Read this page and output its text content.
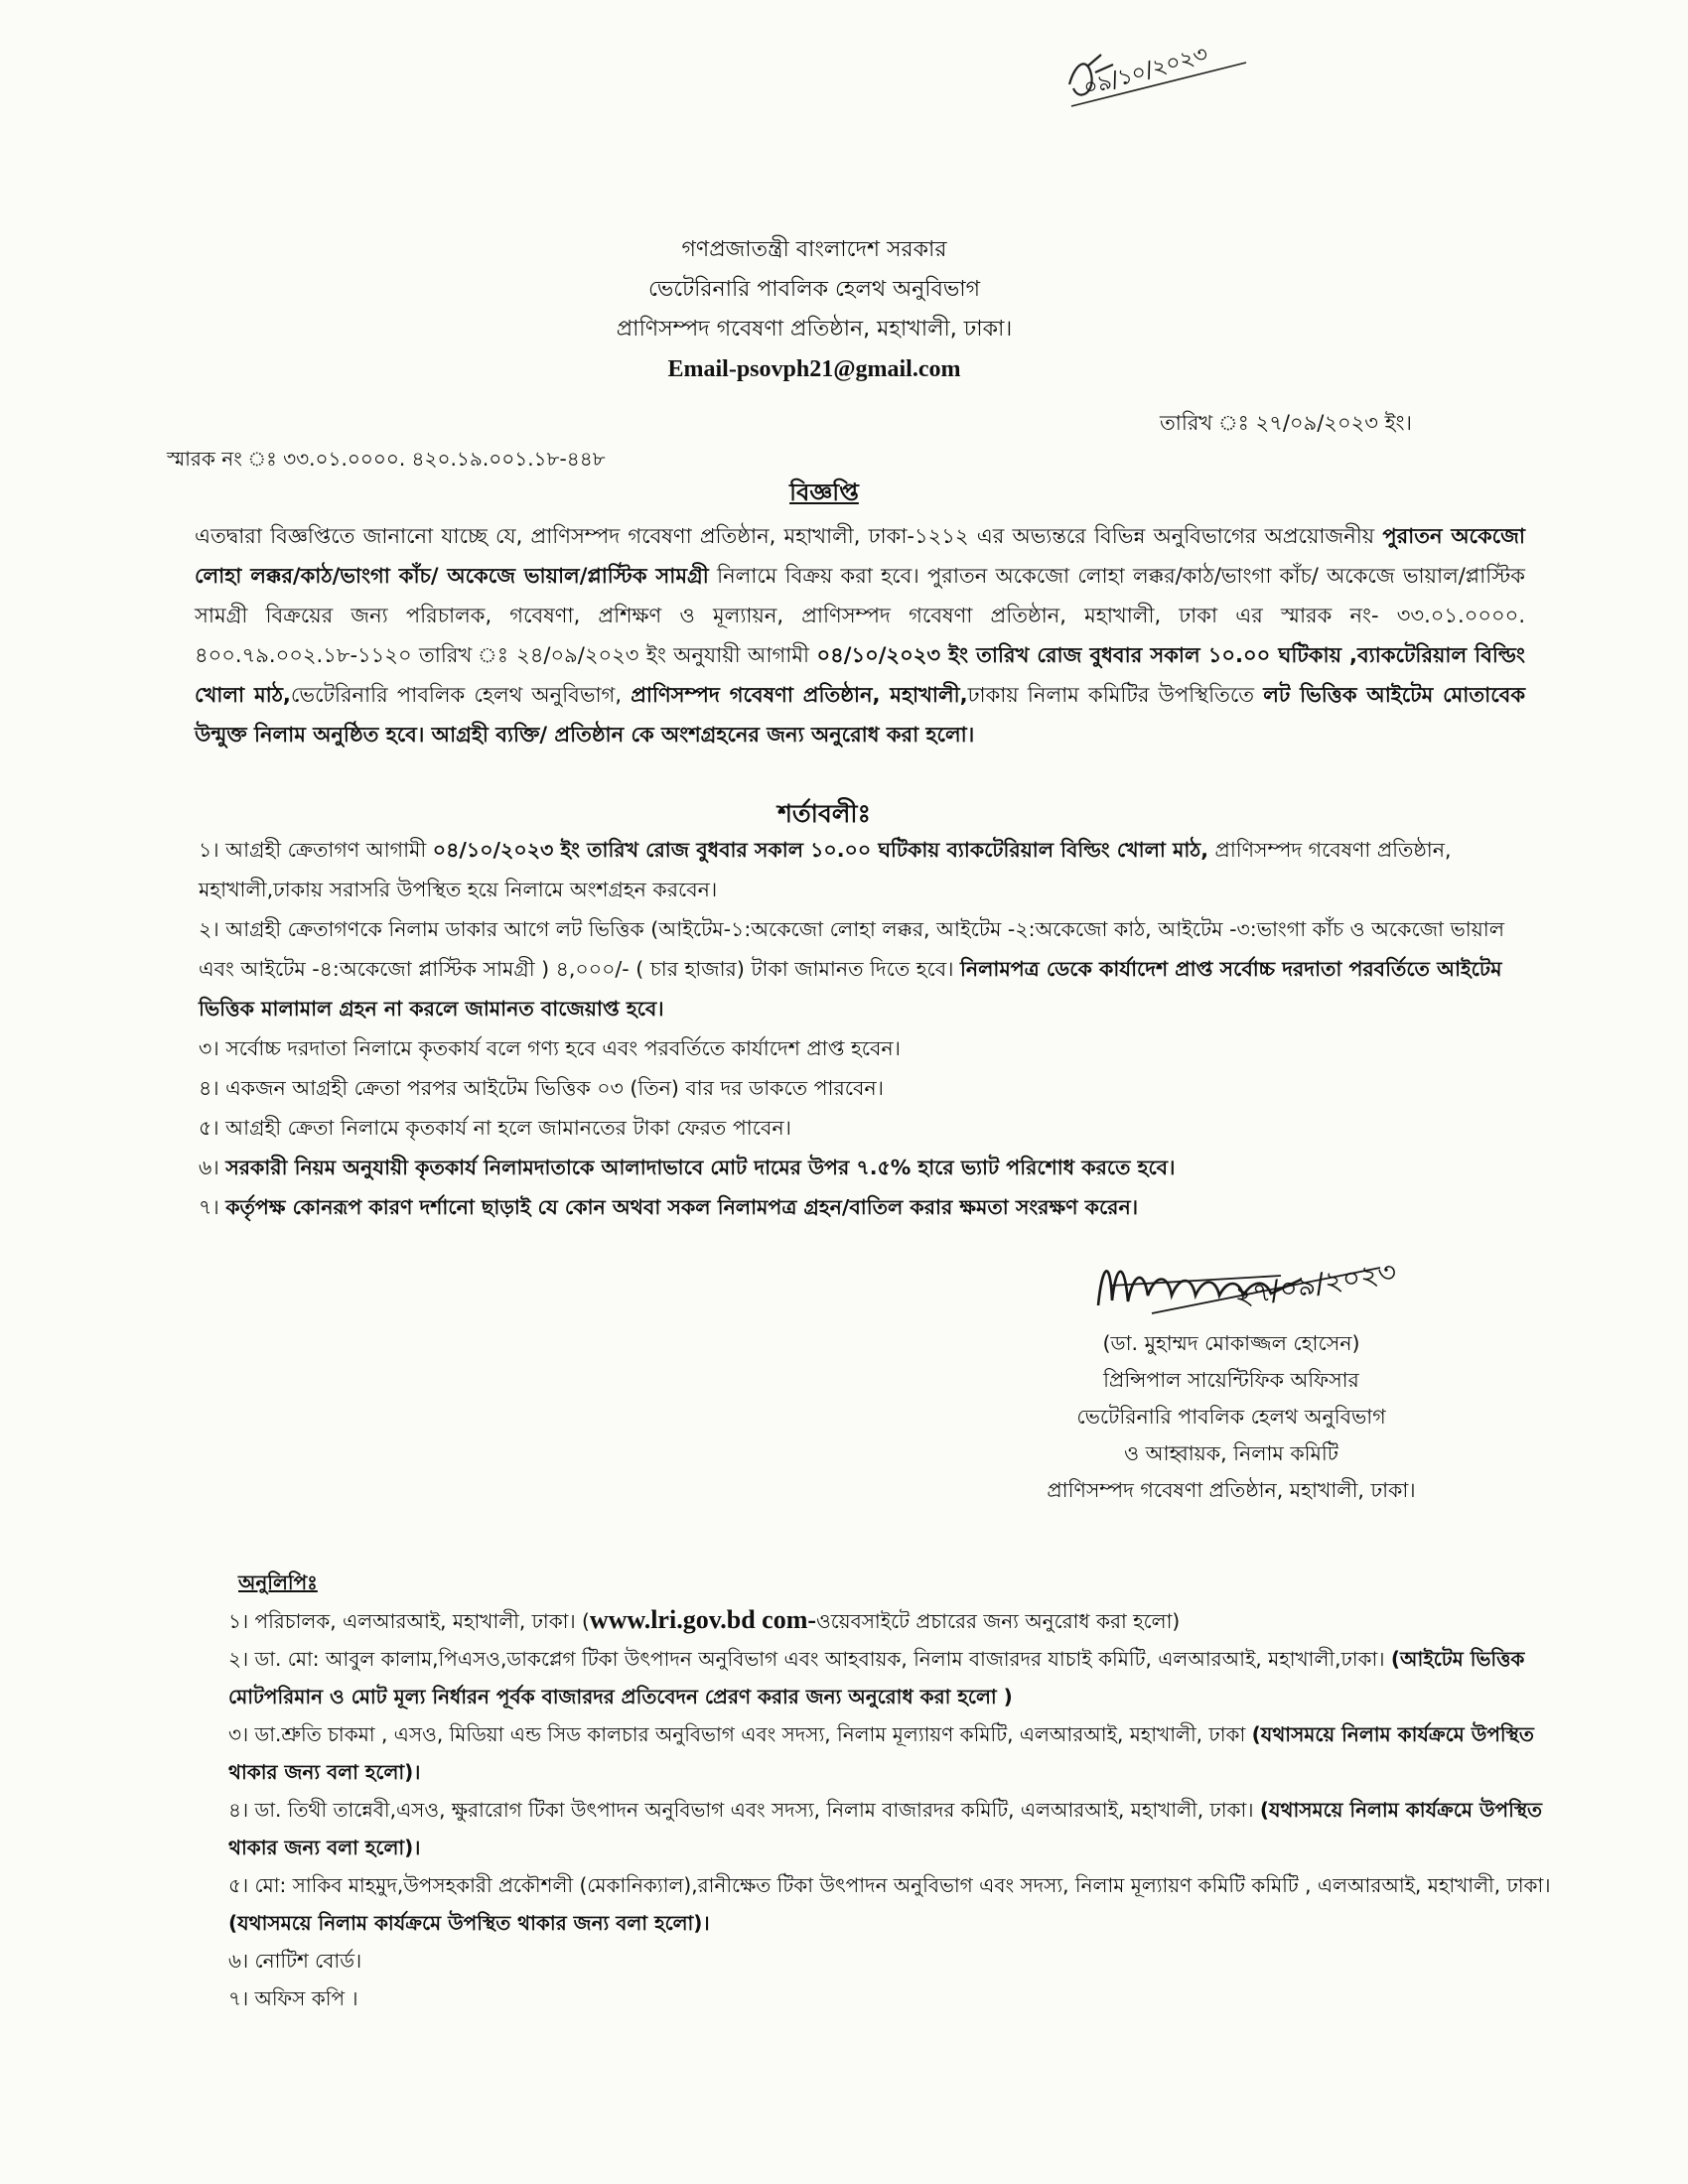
০৯/১০/২০২৩
গণপ্রজাতন্ত্রী বাংলাদেশ সরকার
ভেটেরিনারি পাবলিক হেলথ অনুবিভাগ
প্রাণিসম্পদ গবেষণা প্রতিষ্ঠান, মহাখালী, ঢাকা।
Email-psovph21@gmail.com
তারিখ ঃ ২৭/০৯/২০২৩ ইং।
স্মারক নং ঃ ৩৩.০১.০০০০. ৪২০.১৯.০০১.১৮-৪৪৮
বিজ্ঞপ্তি
এতদ্বারা বিজ্ঞপ্তিতে জানানো যাচ্ছে যে, প্রাণিসম্পদ গবেষণা প্রতিষ্ঠান, মহাখালী, ঢাকা-১২১২ এর অভ্যন্তরে বিভিন্ন অনুবিভাগের অপ্রয়োজনীয় পুরাতন অকেজো লোহা লক্কর/কাঠ/ভাংগা কাঁচ/ অকেজে ভায়াল/প্লাস্টিক সামগ্রী নিলামে বিক্রয় করা হবে। পুরাতন অকেজো লোহা লক্কর/কাঠ/ভাংগা কাঁচ/ অকেজে ভায়াল/প্লাস্টিক সামগ্রী বিক্রয়ের জন্য পরিচালক, গবেষণা, প্রশিক্ষণ ও মূল্যায়ন, প্রাণিসম্পদ গবেষণা প্রতিষ্ঠান, মহাখালী, ঢাকা এর স্মারক নং- ৩৩.০১.০০০০. ৪০০.৭৯.০০২.১৮-১১২০ তারিখ ঃ ২৪/০৯/২০২৩ ইং অনুযায়ী আগামী ০৪/১০/২০২৩ ইং তারিখ রোজ বুধবার সকাল ১০.০০ ঘটিকায় ,ব্যাকটেরিয়াল বিল্ডিং খোলা মাঠ,ভেটেরিনারি পাবলিক হেলথ অনুবিভাগ, প্রাণিসম্পদ গবেষণা প্রতিষ্ঠান, মহাখালী,ঢাকায় নিলাম কমিটির উপস্থিতিতে লট ভিত্তিক আইটেম মোতাবেক উন্মুক্ত নিলাম অনুষ্ঠিত হবে। আগ্রহী ব্যক্তি/ প্রতিষ্ঠান কে অংশগ্রহনের জন্য অনুরোধ করা হলো।
শর্তাবলীঃ

১। আগ্রহী ক্রেতাগণ আগামী ০৪/১০/২০২৩ ইং তারিখ রোজ বুধবার সকাল ১০.০০ ঘটিকায় ব্যাকটেরিয়াল বিল্ডিং খোলা মাঠ, প্রাণিসম্পদ গবেষণা প্রতিষ্ঠান, মহাখালী,ঢাকায় সরাসরি উপস্থিত হয়ে নিলামে অংশগ্রহন করবেন।

২। আগ্রহী ক্রেতাগণকে নিলাম ডাকার আগে লট ভিত্তিক (আইটেম-১:অকেজো লোহা লক্কর, আইটেম -২:অকেজো কাঠ, আইটেম -৩:ভাংগা কাঁচ ও অকেজো ভায়াল এবং আইটেম -৪:অকেজো প্লাস্টিক সামগ্রী ) ৪,০০০/- ( চার হাজার) টাকা জামানত দিতে হবে। নিলামপত্র ডেকে কার্যাদেশ প্রাপ্ত সর্বোচ্চ দরদাতা পরবর্তিতে আইটেম ভিত্তিক মালামাল গ্রহন না করলে জামানত বাজেয়াপ্ত হবে।

৩। সর্বোচ্চ দরদাতা নিলামে কৃতকার্য বলে গণ্য হবে এবং পরবর্তিতে কার্যাদেশ প্রাপ্ত হবেন।

৪। একজন আগ্রহী ক্রেতা পরপর আইটেম ভিত্তিক ০৩ (তিন) বার দর ডাকতে পারবেন।

৫। আগ্রহী ক্রেতা নিলামে কৃতকার্য না হলে জামানতের টাকা ফেরত পাবেন।

৬। সরকারী নিয়ম অনুযায়ী কৃতকার্য নিলামদাতাকে আলাদাভাবে মোট দামের উপর ৭.৫% হারে ভ্যাট পরিশোধ করতে হবে।

৭। কর্তৃপক্ষ কোনরূপ কারণ দর্শানো ছাড়াই যে কোন অথবা সকল নিলামপত্র গ্রহন/বাতিল করার ক্ষমতা সংরক্ষণ করেন।

২৭/০৯/২০২৩
(ডা. মুহাম্মদ মোকাজ্জল হোসেন)
প্রিন্সিপাল সায়েন্টিফিক অফিসার
ভেটেরিনারি পাবলিক হেলথ অনুবিভাগ
ও আহ্বায়ক, নিলাম কমিটি
প্রাণিসম্পদ গবেষণা প্রতিষ্ঠান, মহাখালী, ঢাকা।

অনুলিপিঃ

১। পরিচালক, এলআরআই, মহাখালী, ঢাকা। (www.lri.gov.bd com-ওয়েবসাইটে প্রচারের জন্য অনুরোধ করা হলো)

২। ডা. মো: আবুল কালাম,পিএসও,ডাকপ্লেগ টিকা উৎপাদন অনুবিভাগ এবং আহবায়ক, নিলাম বাজারদর যাচাই কমিটি, এলআরআই, মহাখালী,ঢাকা। (আইটেম ভিত্তিক মোটপরিমান ও মোট মূল্য নির্ধারন পূর্বক বাজারদর প্রতিবেদন প্রেরণ করার জন্য অনুরোধ করা হলো )

৩। ডা.শ্রুতি চাকমা , এসও, মিডিয়া এন্ড সিড কালচার অনুবিভাগ এবং সদস্য, নিলাম মূল্যায়ণ কমিটি, এলআরআই, মহাখালী, ঢাকা (যথাসময়ে নিলাম কার্যক্রমে উপস্থিত থাকার জন্য বলা হলো)।

৪। ডা. তিথী তান্নেবী,এসও, ক্ষুরারোগ টিকা উৎপাদন অনুবিভাগ এবং সদস্য, নিলাম বাজারদর কমিটি, এলআরআই, মহাখালী, ঢাকা। (যথাসময়ে নিলাম কার্যক্রমে উপস্থিত থাকার জন্য বলা হলো)।

৫। মো: সাকিব মাহমুদ,উপসহকারী প্রকৌশলী (মেকানিক্যাল),রানীক্ষেত টিকা উৎপাদন অনুবিভাগ এবং সদস্য, নিলাম মূল্যায়ণ কমিটি কমিটি , এলআরআই, মহাখালী, ঢাকা। (যথাসময়ে নিলাম কার্যক্রমে উপস্থিত থাকার জন্য বলা হলো)।

৬। নোটিশ বোর্ড।

৭। অফিস কপি ।
